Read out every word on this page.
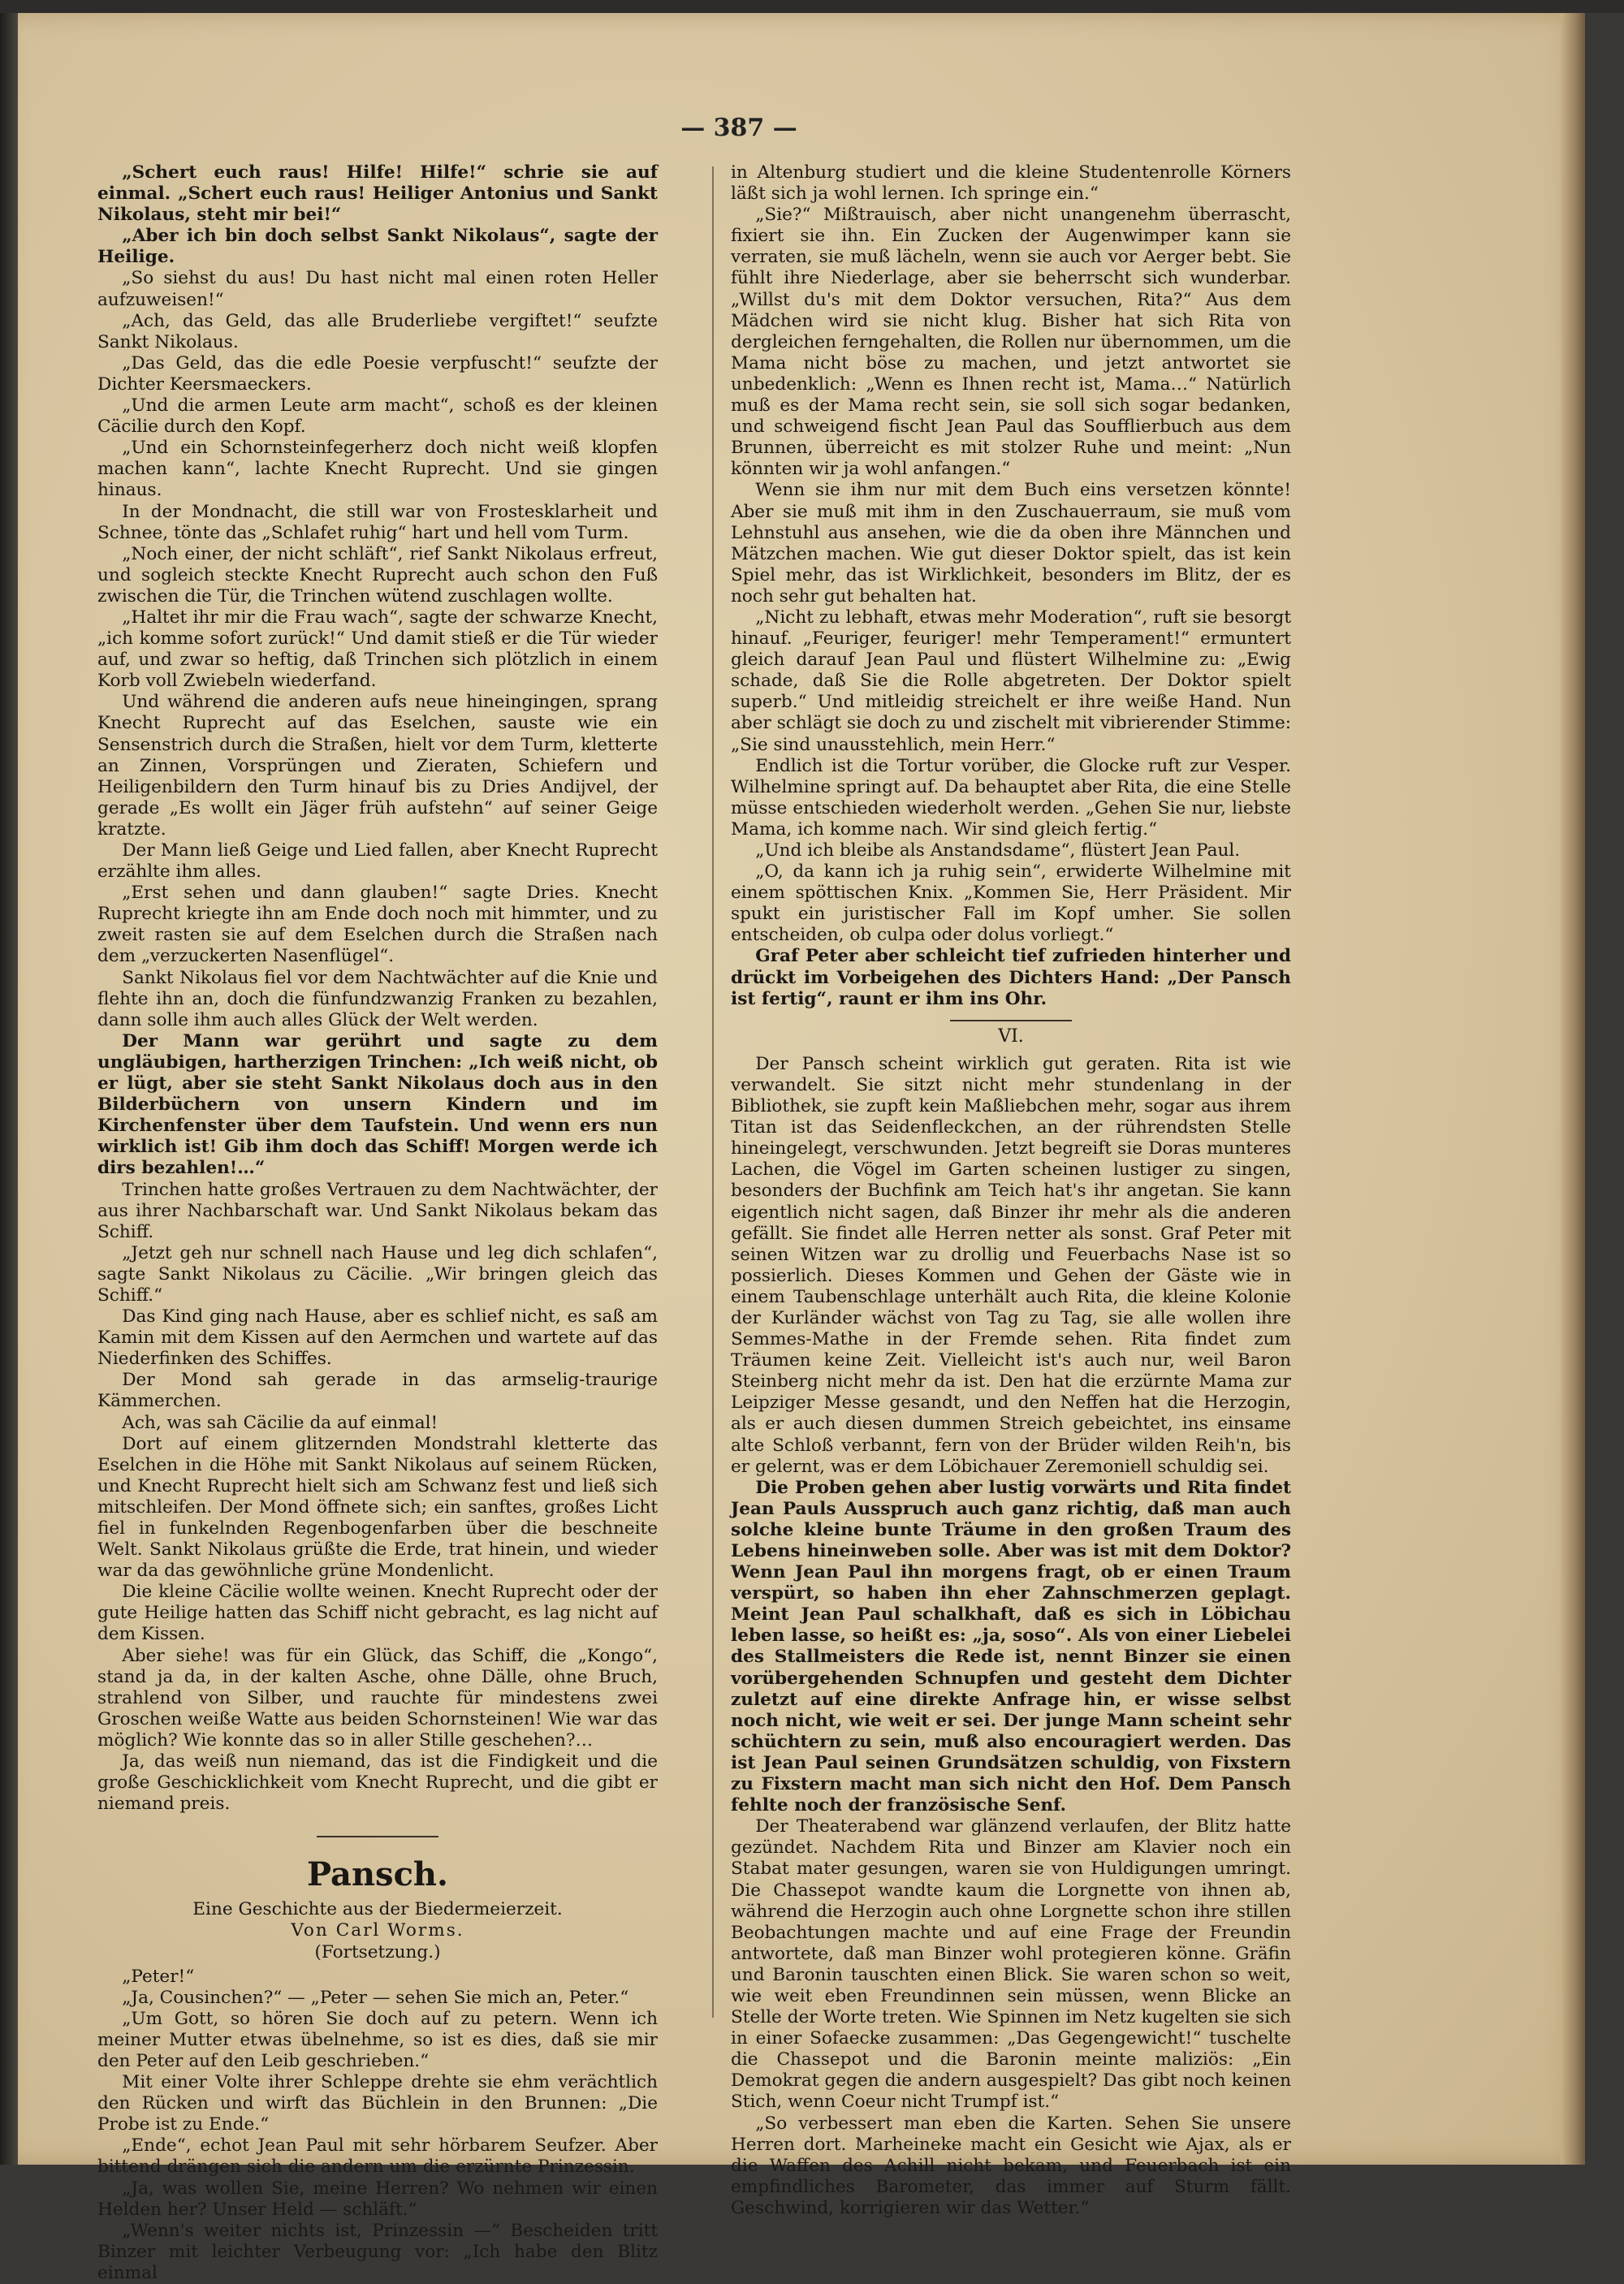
— 387 —

„Schert euch raus! Hilfe! Hilfe!“ schrie sie auf einmal. „Schert euch raus! Heiliger Antonius und Sankt Nikolaus, steht mir bei!“

„Aber ich bin doch selbst Sankt Nikolaus“, sagte der Heilige.

„So siehst du aus! Du hast nicht mal einen roten Heller aufzuweisen!“

„Ach, das Geld, das alle Bruderliebe vergiftet!“ seufzte Sankt Nikolaus.

„Das Geld, das die edle Poesie verpfuscht!“ seufzte der Dichter Keersmaeckers.

„Und die armen Leute arm macht“, schoß es der kleinen Cäcilie durch den Kopf.

„Und ein Schornsteinfegerherz doch nicht weiß klopfen machen kann“, lachte Knecht Ruprecht. Und sie gingen hinaus.

In der Mondnacht, die still war von Frostesklarheit und Schnee, tönte das „Schlafet ruhig“ hart und hell vom Turm.

„Noch einer, der nicht schläft“, rief Sankt Nikolaus erfreut, und sogleich steckte Knecht Ruprecht auch schon den Fuß zwischen die Tür, die Trinchen wütend zuschlagen wollte.

„Haltet ihr mir die Frau wach“, sagte der schwarze Knecht, „ich komme sofort zurück!“ Und damit stieß er die Tür wieder auf, und zwar so heftig, daß Trinchen sich plötzlich in einem Korb voll Zwiebeln wiederfand.

Und während die anderen aufs neue hineingingen, sprang Knecht Ruprecht auf das Eselchen, sauste wie ein Sensenstrich durch die Straßen, hielt vor dem Turm, kletterte an Zinnen, Vorsprüngen und Zieraten, Schiefern und Heiligenbildern den Turm hinauf bis zu Dries Andijvel, der gerade „Es wollt ein Jäger früh aufstehn“ auf seiner Geige kratzte.

Der Mann ließ Geige und Lied fallen, aber Knecht Ruprecht erzählte ihm alles.

„Erst sehen und dann glauben!“ sagte Dries. Knecht Ruprecht kriegte ihn am Ende doch noch mit himmter, und zu zweit rasten sie auf dem Eselchen durch die Straßen nach dem „verzuckerten Nasenflügel“.

Sankt Nikolaus fiel vor dem Nachtwächter auf die Knie und flehte ihn an, doch die fünfundzwanzig Franken zu bezahlen, dann solle ihm auch alles Glück der Welt werden.

Der Mann war gerührt und sagte zu dem ungläubigen, hartherzigen Trinchen: „Ich weiß nicht, ob er lügt, aber sie steht Sankt Nikolaus doch aus in den Bilderbüchern von unsern Kindern und im Kirchenfenster über dem Taufstein. Und wenn ers nun wirklich ist! Gib ihm doch das Schiff! Morgen werde ich dirs bezahlen!…“

Trinchen hatte großes Vertrauen zu dem Nachtwächter, der aus ihrer Nachbarschaft war. Und Sankt Nikolaus bekam das Schiff.

„Jetzt geh nur schnell nach Hause und leg dich schlafen“, sagte Sankt Nikolaus zu Cäcilie. „Wir bringen gleich das Schiff.“

Das Kind ging nach Hause, aber es schlief nicht, es saß am Kamin mit dem Kissen auf den Aermchen und wartete auf das Niederfinken des Schiffes.

Der Mond sah gerade in das armselig-traurige Kämmerchen.

Ach, was sah Cäcilie da auf einmal!

Dort auf einem glitzernden Mondstrahl kletterte das Eselchen in die Höhe mit Sankt Nikolaus auf seinem Rücken, und Knecht Ruprecht hielt sich am Schwanz fest und ließ sich mitschleifen. Der Mond öffnete sich; ein sanftes, großes Licht fiel in funkelnden Regenbogenfarben über die beschneite Welt. Sankt Nikolaus grüßte die Erde, trat hinein, und wieder war da das gewöhnliche grüne Mondenlicht.

Die kleine Cäcilie wollte weinen. Knecht Ruprecht oder der gute Heilige hatten das Schiff nicht gebracht, es lag nicht auf dem Kissen.

Aber siehe! was für ein Glück, das Schiff, die „Kongo“, stand ja da, in der kalten Asche, ohne Dälle, ohne Bruch, strahlend von Silber, und rauchte für mindestens zwei Groschen weiße Watte aus beiden Schornsteinen! Wie war das möglich? Wie konnte das so in aller Stille geschehen?…

Ja, das weiß nun niemand, das ist die Findigkeit und die große Geschicklichkeit vom Knecht Ruprecht, und die gibt er niemand preis.

Pansch.

Eine Geschichte aus der Biedermeierzeit.

Von Carl Worms.

(Fortsetzung.)

„Peter!“

„Ja, Cousinchen?“ — „Peter — sehen Sie mich an, Peter.“

„Um Gott, so hören Sie doch auf zu petern. Wenn ich meiner Mutter etwas übelnehme, so ist es dies, daß sie mir den Peter auf den Leib geschrieben.“

Mit einer Volte ihrer Schleppe drehte sie ehm verächtlich den Rücken und wirft das Büchlein in den Brunnen: „Die Probe ist zu Ende.“

„Ende“, echot Jean Paul mit sehr hörbarem Seufzer. Aber bittend drängen sich die andern um die erzürnte Prinzessin.

„Ja, was wollen Sie, meine Herren? Wo nehmen wir einen Helden her? Unser Held — schläft.“

„Wenn's weiter nichts ist, Prinzessin —“ Bescheiden tritt Binzer mit leichter Verbeugung vor: „Ich habe den Blitz einmal

in Altenburg studiert und die kleine Studentenrolle Körners läßt sich ja wohl lernen. Ich springe ein.“

„Sie?“ Mißtrauisch, aber nicht unangenehm überrascht, fixiert sie ihn. Ein Zucken der Augenwimper kann sie verraten, sie muß lächeln, wenn sie auch vor Aerger bebt. Sie fühlt ihre Niederlage, aber sie beherrscht sich wunderbar. „Willst du's mit dem Doktor versuchen, Rita?“ Aus dem Mädchen wird sie nicht klug. Bisher hat sich Rita von dergleichen ferngehalten, die Rollen nur übernommen, um die Mama nicht böse zu machen, und jetzt antwortet sie unbedenklich: „Wenn es Ihnen recht ist, Mama…“ Natürlich muß es der Mama recht sein, sie soll sich sogar bedanken, und schweigend fischt Jean Paul das Soufflierbuch aus dem Brunnen, überreicht es mit stolzer Ruhe und meint: „Nun könnten wir ja wohl anfangen.“

Wenn sie ihm nur mit dem Buch eins versetzen könnte! Aber sie muß mit ihm in den Zuschauerraum, sie muß vom Lehnstuhl aus ansehen, wie die da oben ihre Männchen und Mätzchen machen. Wie gut dieser Doktor spielt, das ist kein Spiel mehr, das ist Wirklichkeit, besonders im Blitz, der es noch sehr gut behalten hat.

„Nicht zu lebhaft, etwas mehr Moderation“, ruft sie besorgt hinauf. „Feuriger, feuriger! mehr Temperament!“ ermuntert gleich darauf Jean Paul und flüstert Wilhelmine zu: „Ewig schade, daß Sie die Rolle abgetreten. Der Doktor spielt superb.“ Und mitleidig streichelt er ihre weiße Hand. Nun aber schlägt sie doch zu und zischelt mit vibrierender Stimme: „Sie sind unausstehlich, mein Herr.“

Endlich ist die Tortur vorüber, die Glocke ruft zur Vesper. Wilhelmine springt auf. Da behauptet aber Rita, die eine Stelle müsse entschieden wiederholt werden. „Gehen Sie nur, liebste Mama, ich komme nach. Wir sind gleich fertig.“

„Und ich bleibe als Anstandsdame“, flüstert Jean Paul.

„O, da kann ich ja ruhig sein“, erwiderte Wilhelmine mit einem spöttischen Knix. „Kommen Sie, Herr Präsident. Mir spukt ein juristischer Fall im Kopf umher. Sie sollen entscheiden, ob culpa oder dolus vorliegt.“

Graf Peter aber schleicht tief zufrieden hinterher und drückt im Vorbeigehen des Dichters Hand: „Der Pansch ist fertig“, raunt er ihm ins Ohr.

VI.

Der Pansch scheint wirklich gut geraten. Rita ist wie verwandelt. Sie sitzt nicht mehr stundenlang in der Bibliothek, sie zupft kein Maßliebchen mehr, sogar aus ihrem Titan ist das Seidenfleckchen, an der rührendsten Stelle hineingelegt, verschwunden. Jetzt begreift sie Doras munteres Lachen, die Vögel im Garten scheinen lustiger zu singen, besonders der Buchfink am Teich hat's ihr angetan. Sie kann eigentlich nicht sagen, daß Binzer ihr mehr als die anderen gefällt. Sie findet alle Herren netter als sonst. Graf Peter mit seinen Witzen war zu drollig und Feuerbachs Nase ist so possierlich. Dieses Kommen und Gehen der Gäste wie in einem Taubenschlage unterhält auch Rita, die kleine Kolonie der Kurländer wächst von Tag zu Tag, sie alle wollen ihre Semmes-Mathe in der Fremde sehen. Rita findet zum Träumen keine Zeit. Vielleicht ist's auch nur, weil Baron Steinberg nicht mehr da ist. Den hat die erzürnte Mama zur Leipziger Messe gesandt, und den Neffen hat die Herzogin, als er auch diesen dummen Streich gebeichtet, ins einsame alte Schloß verbannt, fern von der Brüder wilden Reih'n, bis er gelernt, was er dem Löbichauer Zeremoniell schuldig sei.

Die Proben gehen aber lustig vorwärts und Rita findet Jean Pauls Ausspruch auch ganz richtig, daß man auch solche kleine bunte Träume in den großen Traum des Lebens hineinweben solle. Aber was ist mit dem Doktor? Wenn Jean Paul ihn morgens fragt, ob er einen Traum verspürt, so haben ihn eher Zahnschmerzen geplagt. Meint Jean Paul schalkhaft, daß es sich in Löbichau leben lasse, so heißt es: „ja, soso“. Als von einer Liebelei des Stallmeisters die Rede ist, nennt Binzer sie einen vorübergehenden Schnupfen und gesteht dem Dichter zuletzt auf eine direkte Anfrage hin, er wisse selbst noch nicht, wie weit er sei. Der junge Mann scheint sehr schüchtern zu sein, muß also encouragiert werden. Das ist Jean Paul seinen Grundsätzen schuldig, von Fixstern zu Fixstern macht man sich nicht den Hof. Dem Pansch fehlte noch der französische Senf.

Der Theaterabend war glänzend verlaufen, der Blitz hatte gezündet. Nachdem Rita und Binzer am Klavier noch ein Stabat mater gesungen, waren sie von Huldigungen umringt. Die Chassepot wandte kaum die Lorgnette von ihnen ab, während die Herzogin auch ohne Lorgnette schon ihre stillen Beobachtungen machte und auf eine Frage der Freundin antwortete, daß man Binzer wohl protegieren könne. Gräfin und Baronin tauschten einen Blick. Sie waren schon so weit, wie weit eben Freundinnen sein müssen, wenn Blicke an Stelle der Worte treten. Wie Spinnen im Netz kugelten sie sich in einer Sofaecke zusammen: „Das Gegengewicht!“ tuschelte die Chassepot und die Baronin meinte maliziös: „Ein Demokrat gegen die andern ausgespielt? Das gibt noch keinen Stich, wenn Coeur nicht Trumpf ist.“

„So verbessert man eben die Karten. Sehen Sie unsere Herren dort. Marheineke macht ein Gesicht wie Ajax, als er die Waffen des Achill nicht bekam, und Feuerbach ist ein empfindliches Barometer, das immer auf Sturm fällt. Geschwind, korrigieren wir das Wetter.“
